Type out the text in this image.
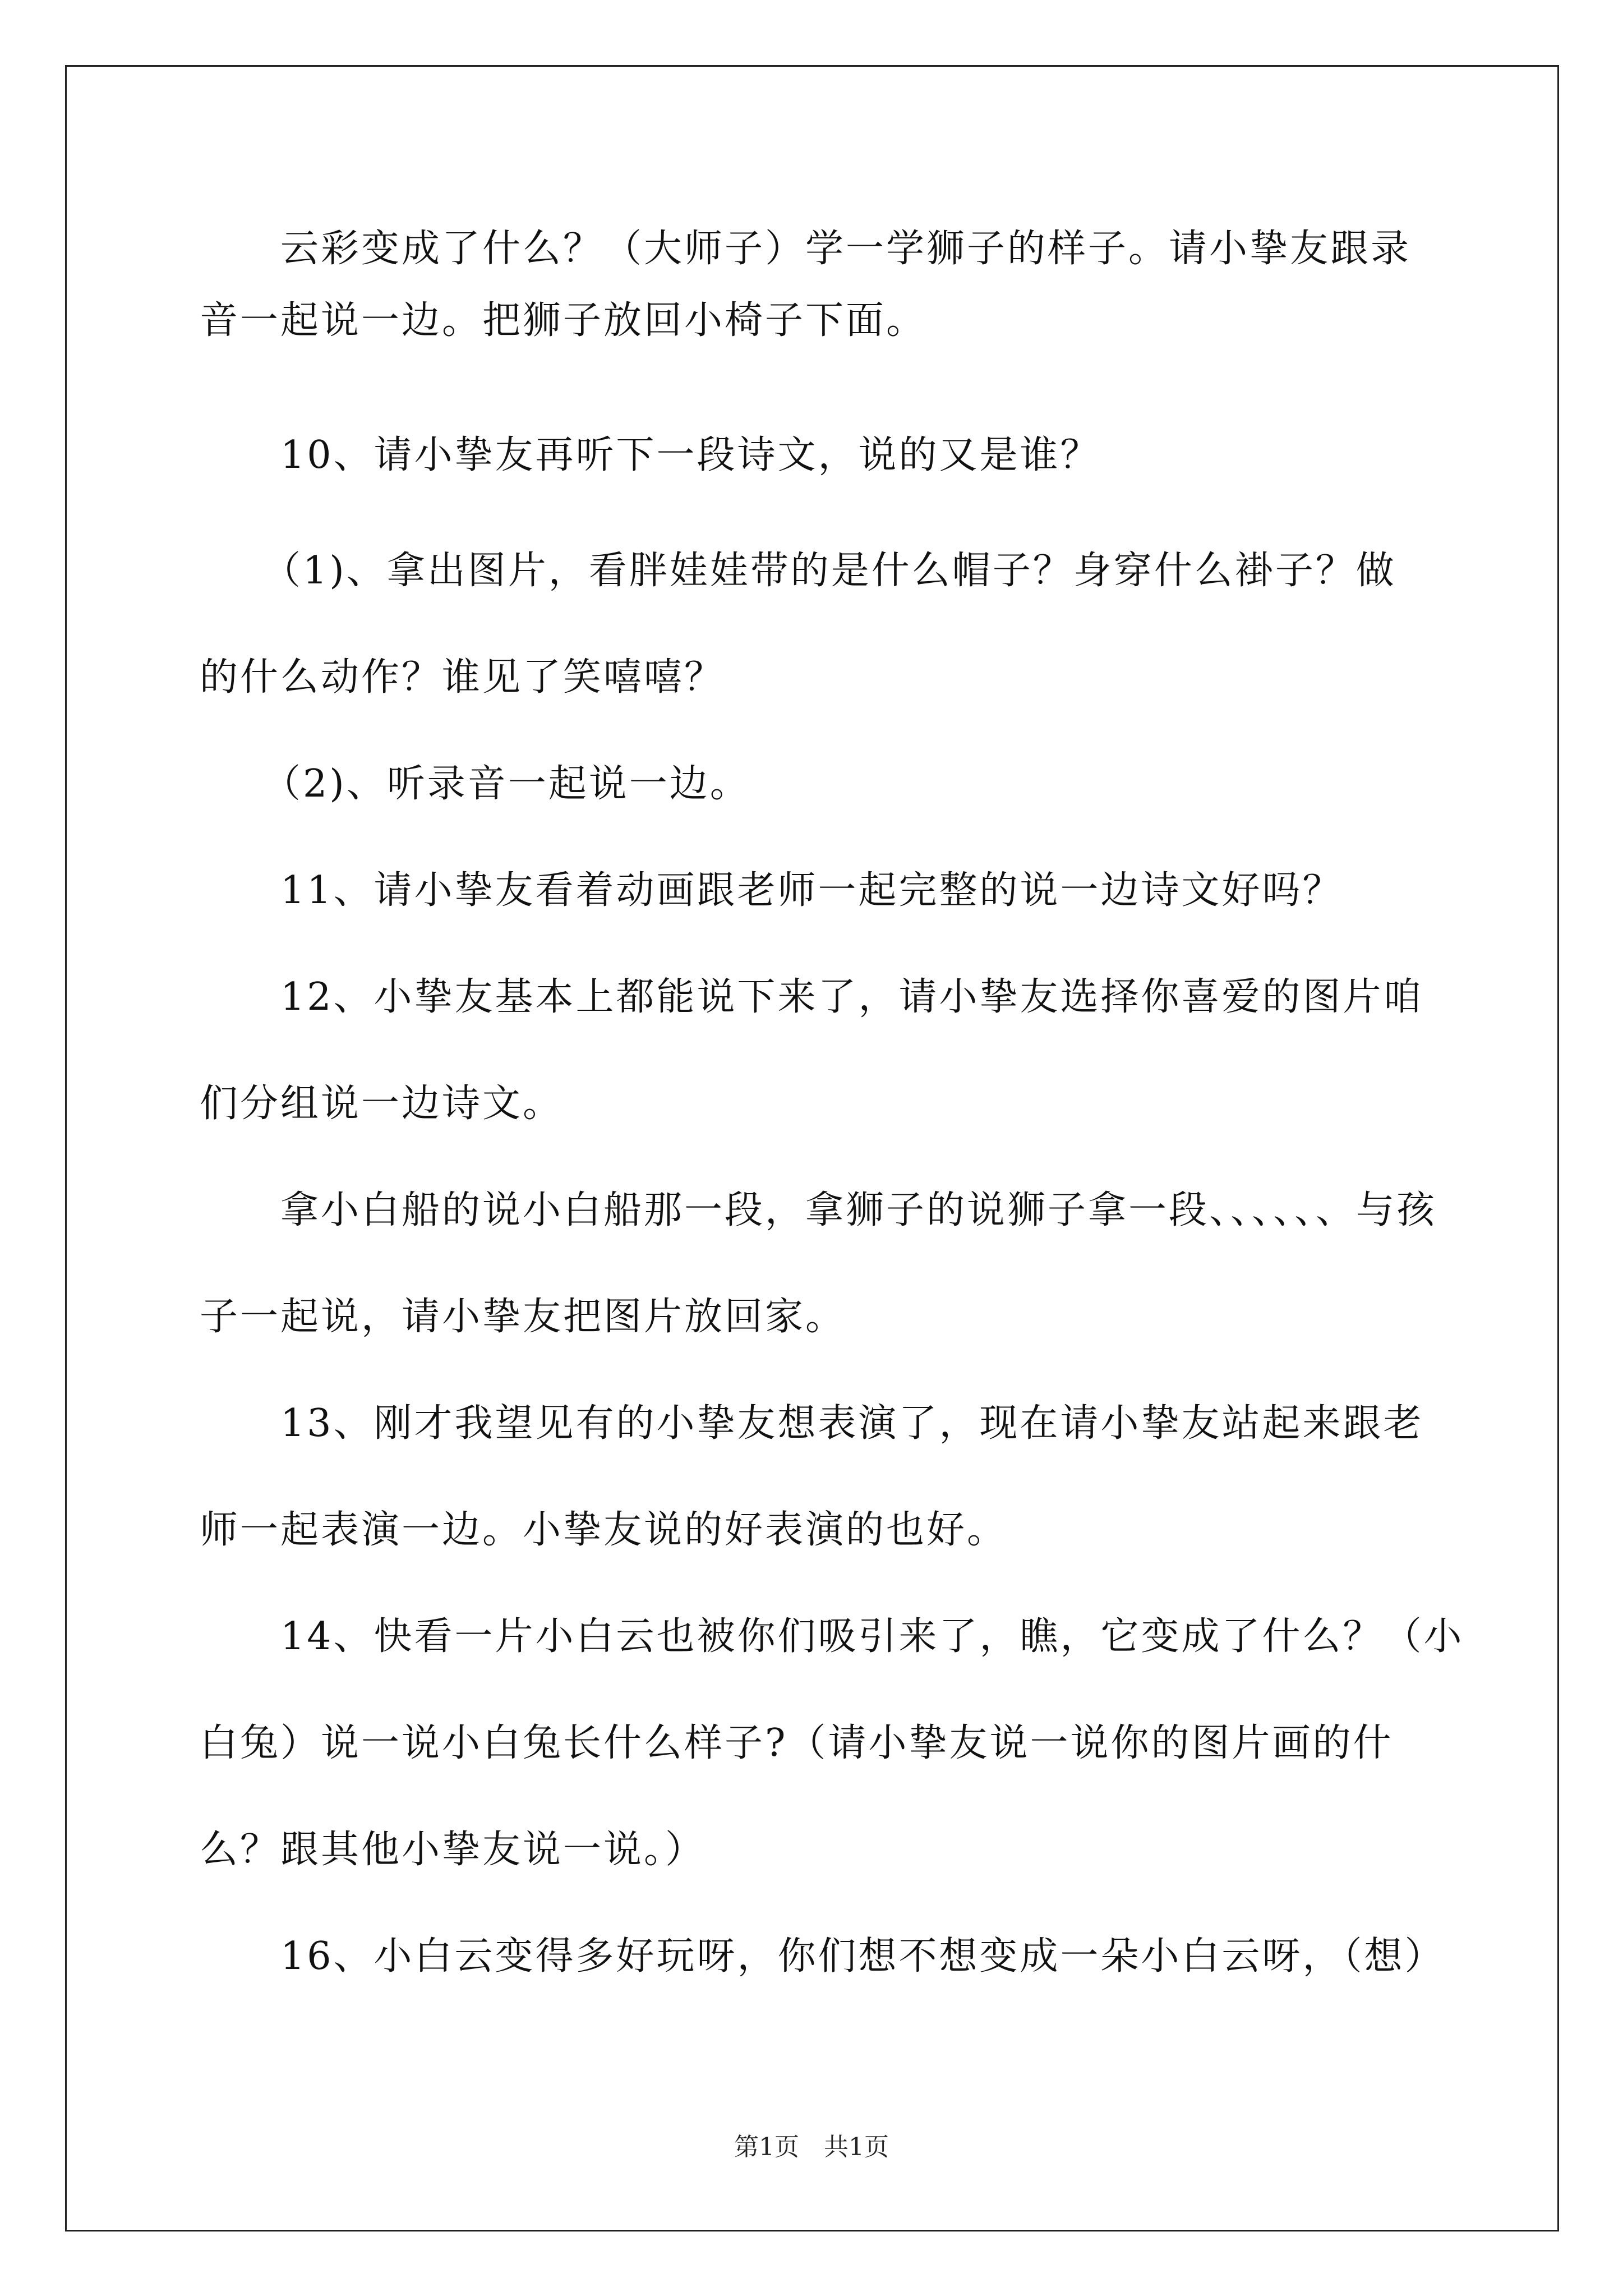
云彩变成了什么？（大师子）学一学狮子的样子。请小挚友跟录
音一起说一边。把狮子放回小椅子下面。
10、请小挚友再听下一段诗文，说的又是谁？
（1)、拿出图片，看胖娃娃带的是什么帽子？身穿什么褂子？做
的什么动作？谁见了笑嘻嘻？
（2)、听录音一起说一边。
11、请小挚友看着动画跟老师一起完整的说一边诗文好吗？
12、小挚友基本上都能说下来了，请小挚友选择你喜爱的图片咱
们分组说一边诗文。
拿小白船的说小白船那一段，拿狮子的说狮子拿一段、、、、、、与孩
子一起说，请小挚友把图片放回家。
13、刚才我望见有的小挚友想表演了，现在请小挚友站起来跟老
师一起表演一边。小挚友说的好表演的也好。
14、快看一片小白云也被你们吸引来了，瞧，它变成了什么？（小
白兔）说一说小白兔长什么样子?（请小挚友说一说你的图片画的什
么？跟其他小挚友说一说。）
16、小白云变得多好玩呀，你们想不想变成一朵小白云呀，（想）
第1页　共1页
